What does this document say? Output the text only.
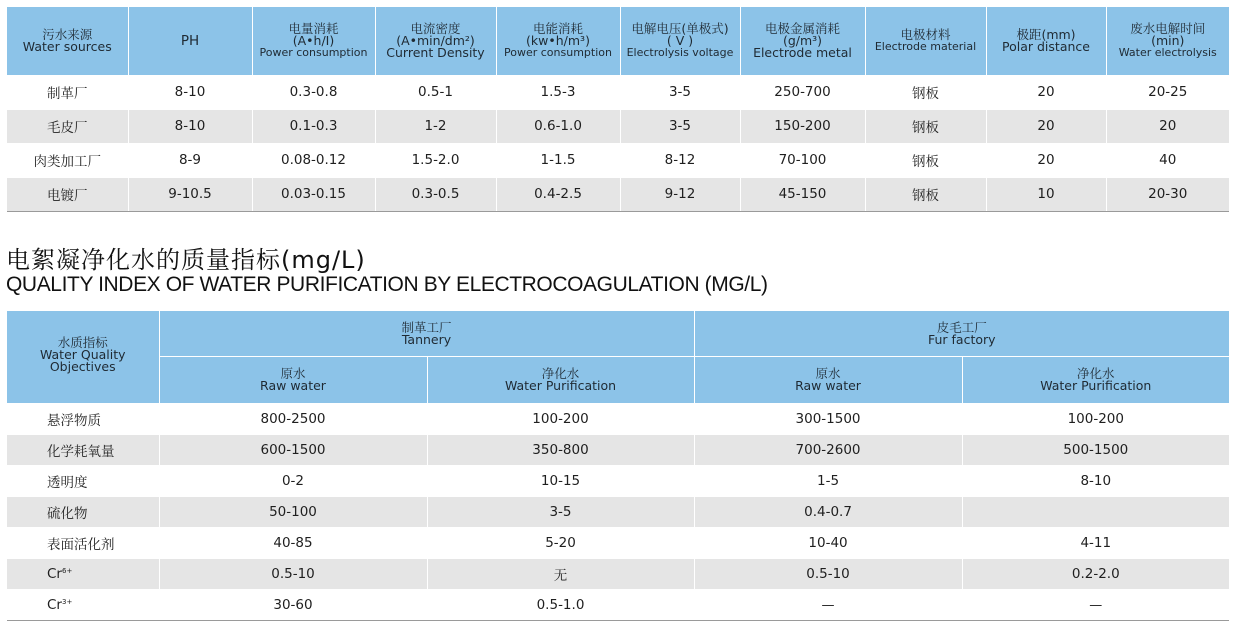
污水来源
Water sources	PH	电量消耗
(A•h/I)
Power consumption	电流密度
(A•min/dm²)
Current Density	电能消耗
(kw•h/m³)
Power consumption	电解电压(单极式)
( V )
Electrolysis voltage	电极金属消耗
(g/m³)
Electrode metal	电极材料
Electrode material	极距(mm)
Polar distance	废水电解时间
(min)
Water electrolysis

制革厂	8-10	0.3-0.8	0.5-1	1.5-3	3-5	250-700	钢板	20	20-25
毛皮厂	8-10	0.1-0.3	1-2	0.6-1.0	3-5	150-200	钢板	20	20
肉类加工厂	8-9	0.08-0.12	1.5-2.0	1-1.5	8-12	70-100	钢板	20	40
电镀厂	9-10.5	0.03-0.15	0.3-0.5	0.4-2.5	9-12	45-150	钢板	10	20-30
电絮凝净化水的质量指标(mg/L)
QUALITY INDEX OF WATER PURIFICATION BY ELECTROCOAGULATION (MG/L)
水质指标
Water Quality
Objectives	制革工厂
Tannery		皮毛工厂
Fur factory	

	原水
Raw water	净化水
Water Purification	原水
Raw water	净化水
Water Purification

悬浮物质	800-2500	100-200	300-1500	100-200
化学耗氧量	600-1500	350-800	700-2600	500-1500
透明度	0-2	10-15	1-5	8-10
硫化物	50-100	3-5	0.4-0.7	
表面活化剂	40-85	5-20	10-40	4-11
$Cr^{6+}$	0.5-10	无	0.5-10	0.2-2.0
$Cr^{3+}$	30-60	0.5-1.0	—	—
